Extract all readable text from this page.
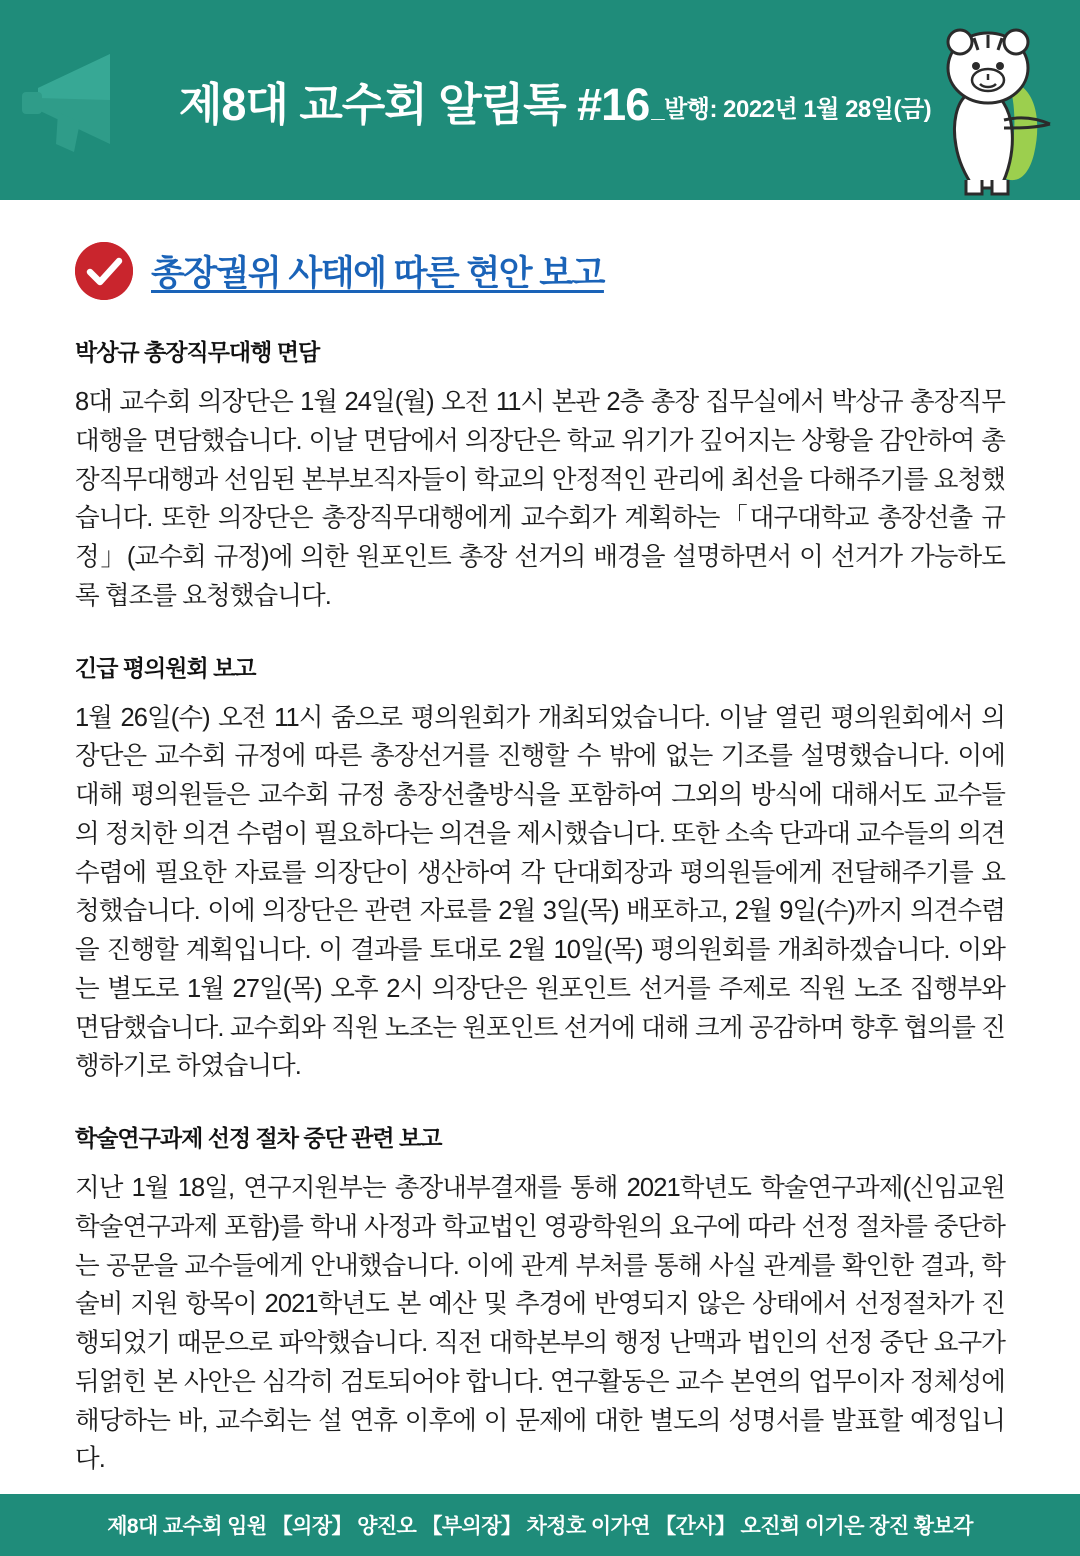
제8대 교수회 알림톡 #16 _발행: 2022년 1월 28일(금)
총장궐위 사태에 따른 현안 보고
박상규 총장직무대행 면담

8대 교수회 의장단은 1월 24일(월) 오전 11시 본관 2층 총장 집무실에서 박상규 총장직무대행을 면담했습니다. 이날 면담에서 의장단은 학교 위기가 깊어지는 상황을 감안하여 총장직무대행과 선임된 본부보직자들이 학교의 안정적인 관리에 최선을 다해주기를 요청했습니다. 또한 의장단은 총장직무대행에게 교수회가 계획하는「대구대학교 총장선출 규정」(교수회 규정)에 의한 원포인트 총장 선거의 배경을 설명하면서 이 선거가 가능하도록 협조를 요청했습니다.

긴급 평의원회 보고

1월 26일(수) 오전 11시 줌으로 평의원회가 개최되었습니다. 이날 열린 평의원회에서 의장단은 교수회 규정에 따른 총장선거를 진행할 수 밖에 없는 기조를 설명했습니다. 이에 대해 평의원들은 교수회 규정 총장선출방식을 포함하여 그외의 방식에 대해서도 교수들의 정치한 의견 수렴이 필요하다는 의견을 제시했습니다. 또한 소속 단과대 교수들의 의견 수렴에 필요한 자료를 의장단이 생산하여 각 단대회장과 평의원들에게 전달해주기를 요청했습니다. 이에 의장단은 관련 자료를 2월 3일(목) 배포하고, 2월 9일(수)까지 의견수렴을 진행할 계획입니다. 이 결과를 토대로 2월 10일(목) 평의원회를 개최하겠습니다. 이와는 별도로 1월 27일(목) 오후 2시 의장단은 원포인트 선거를 주제로 직원 노조 집행부와 면담했습니다. 교수회와 직원 노조는 원포인트 선거에 대해 크게 공감하며 향후 협의를 진행하기로 하였습니다.

학술연구과제 선정 절차 중단 관련 보고

지난 1월 18일, 연구지원부는 총장내부결재를 통해 2021학년도 학술연구과제(신임교원학술연구과제 포함)를 학내 사정과 학교법인 영광학원의 요구에 따라 선정 절차를 중단하는 공문을 교수들에게 안내했습니다. 이에 관계 부처를 통해 사실 관계를 확인한 결과, 학술비 지원 항목이 2021학년도 본 예산 및 추경에 반영되지 않은 상태에서 선정절차가 진행되었기 때문으로 파악했습니다. 직전 대학본부의 행정 난맥과 법인의 선정 중단 요구가 뒤얽힌 본 사안은 심각히 검토되어야 합니다. 연구활동은 교수 본연의 업무이자 정체성에 해당하는 바, 교수회는 설 연휴 이후에 이 문제에 대한 별도의 성명서를 발표할 예정입니다.

제8대 교수회 임원 【의장】 양진오 【부의장】 차정호 이가연 【간사】 오진희 이기은 장진 황보각
